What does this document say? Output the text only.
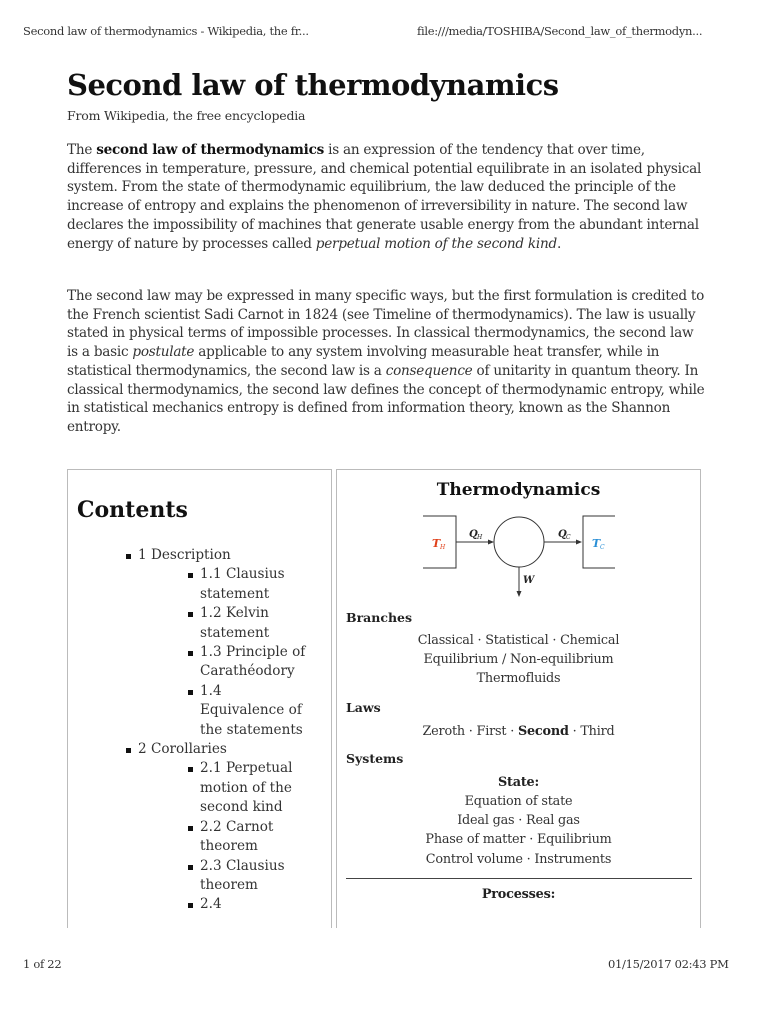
Second law of thermodynamics - Wikipedia, the fr...	file:///media/TOSHIBA/Second_law_of_thermodyn...
Second law of thermodynamics
From Wikipedia, the free encyclopedia

The second law of thermodynamics is an expression of the tendency that over time, differences in temperature, pressure, and chemical potential equilibrate in an isolated physical system. From the state of thermodynamic equilibrium, the law deduced the principle of the increase of entropy and explains the phenomenon of irreversibility in nature. The second law declares the impossibility of machines that generate usable energy from the abundant internal energy of nature by processes called perpetual motion of the second kind.

The second law may be expressed in many specific ways, but the first formulation is credited to the French scientist Sadi Carnot in 1824 (see Timeline of thermodynamics). The law is usually stated in physical terms of impossible processes. In classical thermodynamics, the second law is a basic postulate applicable to any system involving measurable heat transfer, while in statistical thermodynamics, the second law is a consequence of unitarity in quantum theory. In classical thermodynamics, the second law defines the concept of thermodynamic entropy, while in statistical mechanics entropy is defined from information theory, known as the Shannon entropy.

Contents
1 Description
1.1 Clausius statement
1.2 Kelvin statement
1.3 Principle of Carathéodory
1.4 Equivalence of the statements
2 Corollaries
2.1 Perpetual motion of the second kind
2.2 Carnot theorem
2.3 Clausius theorem
2.4
Thermodynamics
T H
Q H	Q C T C
W
Branches
Classical · Statistical · Chemical
Equilibrium / Non-equilibrium
Thermofluids
Laws
Zeroth · First · Second · Third
Systems
State:
Equation of state
Ideal gas · Real gas
Phase of matter · Equilibrium
Control volume · Instruments
Processes:
1 of 22	01/15/2017 02:43 PM
